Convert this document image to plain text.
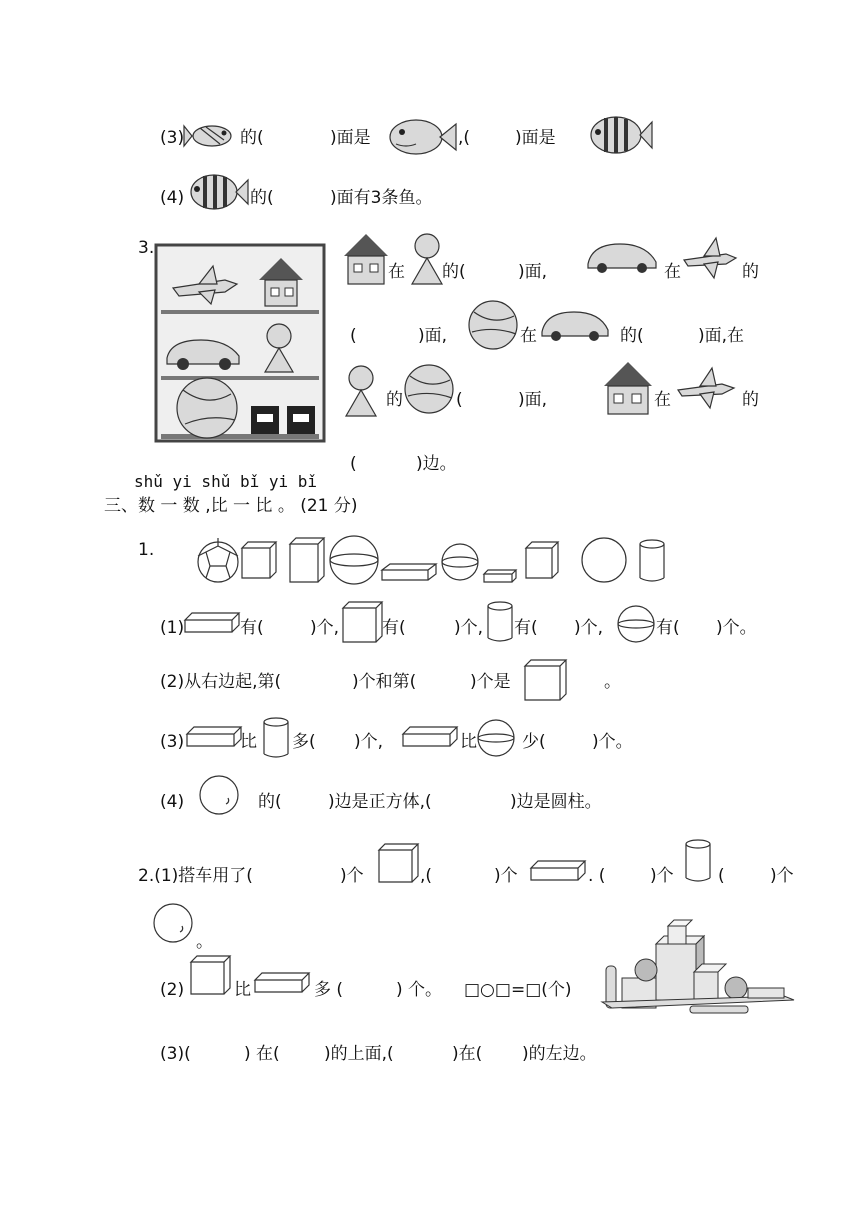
(3)	的(	)面是	,(	)面是
(4)	的(	)面有3条鱼。
3.
在 的(	)面,	在	的
(	)面,	在	的(	)面,在
的	(	)面,	在	的
(	)边。
shǔ yi shǔ bǐ yi bǐ
三、数 一 数 ,比 一 比 。 (21 分)
1.
(1)	有(	)个,	有(	)个, 有( )个,	有( )个。
(2)从右边起,第(	)个和第(	)个是	。
(3)	比 多( )个,	比	少(	)个。
(4)	的(	)边是正方体,(	)边是圆柱。
2.(1)搭车用了(	)个	,(	)个	. (	)个	(	)个
。
(2)	比	多 (	) 个。 □○□=□(个)
(3)(	) 在(	)的上面,(	)在( )的左边。
